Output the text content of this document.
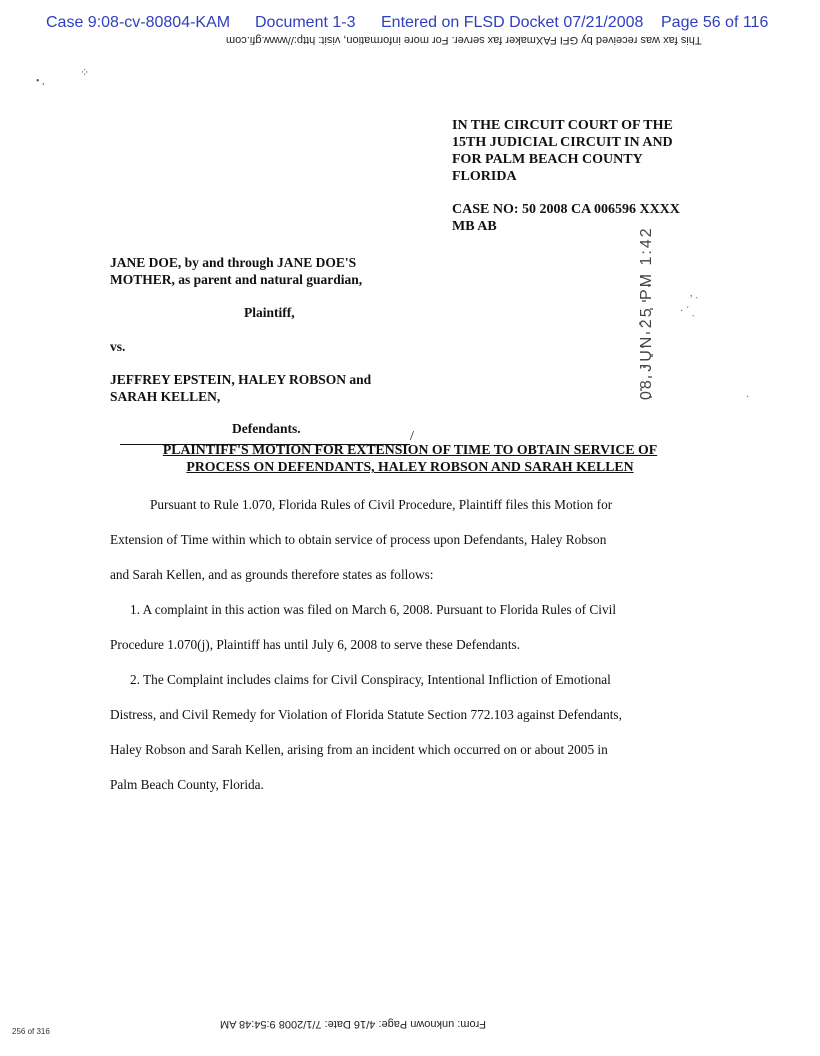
Case 9:08-cv-80804-KAM Document 1-3 Entered on FLSD Docket 07/21/2008 Page 56 of 116
This fax was received by GFI FAXmaker fax server. For more information, visit: http://www.gfi.com
• ,
⁘
IN THE CIRCUIT COURT OF THE
15TH JUDICIAL CIRCUIT IN AND
FOR PALM BEACH COUNTY
FLORIDA
CASE NO: 50 2008 CA 006596 XXXX
MB AB
JANE DOE, by and through JANE DOE'S
MOTHER, as parent and natural guardian,
Plaintiff,
vs.
JEFFREY EPSTEIN, HALEY ROBSON and
SARAH KELLEN,
Defendants.
/
08 JUN 25 PM 1:42	, ˏ
· ´ ˏ
·
PLAINTIFF'S MOTION FOR EXTENSION OF TIME TO OBTAIN SERVICE OF
PROCESS ON DEFENDANTS, HALEY ROBSON AND SARAH KELLEN
Pursuant to Rule 1.070, Florida Rules of Civil Procedure, Plaintiff files this Motion for
Extension of Time within which to obtain service of process upon Defendants, Haley Robson
and Sarah Kellen, and as grounds therefore states as follows:
1. A complaint in this action was filed on March 6, 2008. Pursuant to Florida Rules of Civil
Procedure 1.070(j), Plaintiff has until July 6, 2008 to serve these Defendants.
2. The Complaint includes claims for Civil Conspiracy, Intentional Infliction of Emotional
Distress, and Civil Remedy for Violation of Florida Statute Section 772.103 against Defendants,
Haley Robson and Sarah Kellen, arising from an incident which occurred on or about 2005 in
Palm Beach County, Florida.
256 of 316
From: unknown Page: 4/16 Date: 7/1/2008 9:54:48 AM
